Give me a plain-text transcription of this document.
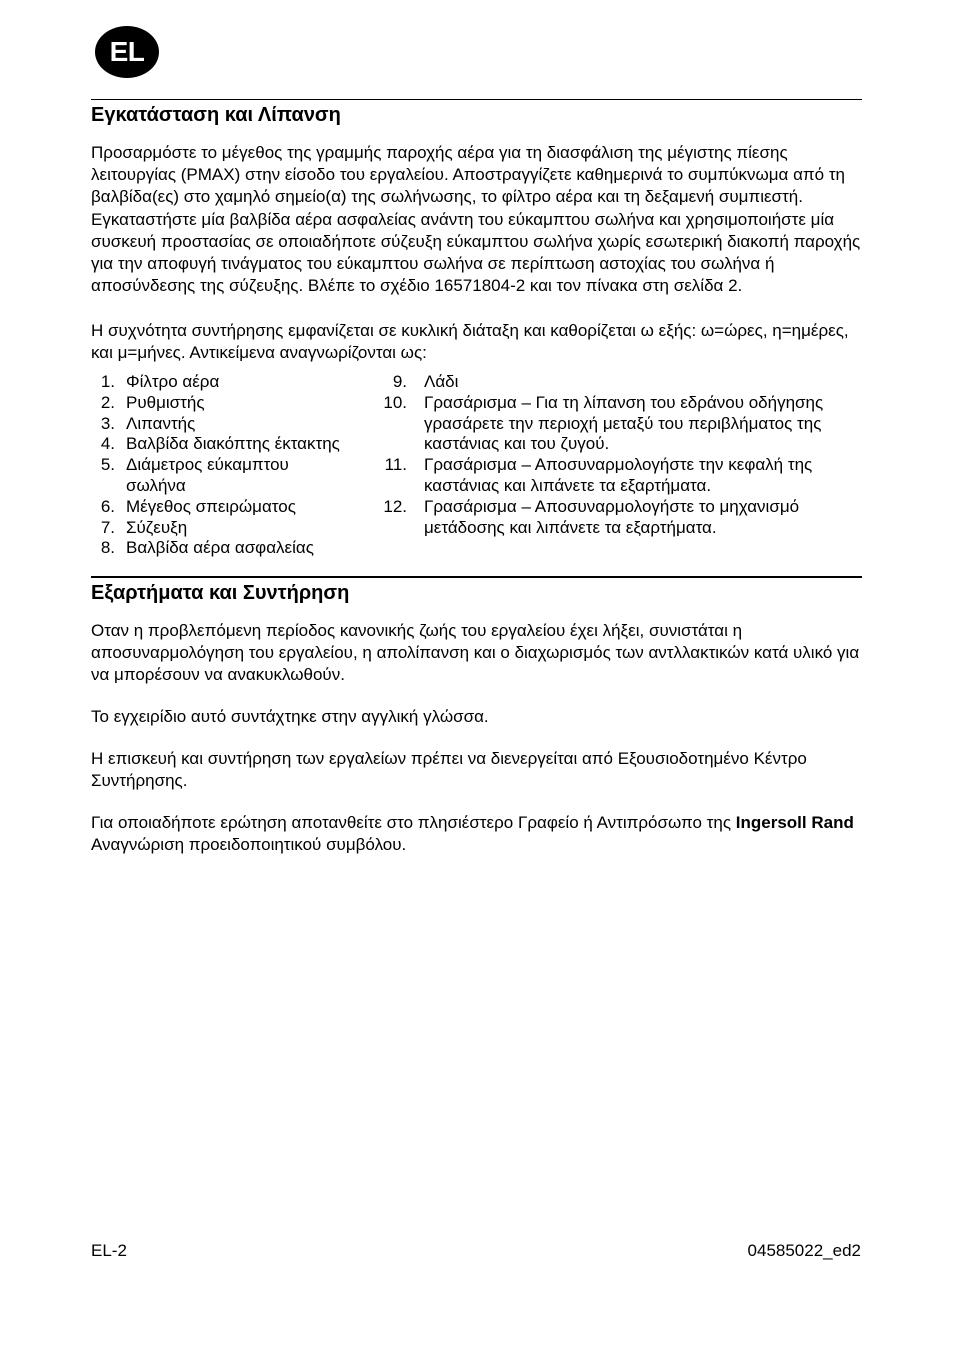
EL
Εγκατάσταση και Λίπανση

Προσαρμόστε το μέγεθος της γραμμής παροχής αέρα για τη διασφάλιση της μέγιστης πίεσης λειτουργίας (PMAX) στην είσοδο του εργαλείου. Αποστραγγίζετε καθημερινά το συμπύκνωμα από τη βαλβίδα(ες) στο χαμηλό σημείο(α) της σωλήνωσης, το φίλτρο αέρα και τη δεξαμενή συμπιεστή. Εγκαταστήστε μία βαλβίδα αέρα ασφαλείας ανάντη του εύκαμπτου σωλήνα και χρησιμοποιήστε μία συσκευή προστασίας σε οποιαδήποτε σύζευξη εύκαμπτου σωλήνα χωρίς εσωτερική διακοπή παροχής για την αποφυγή τινάγματος του εύκαμπτου σωλήνα σε περίπτωση αστοχίας του σωλήνα ή αποσύνδεσης της σύζευξης. Βλέπε το σχέδιο 16571804-2 και τον πίνακα στη σελίδα 2.

Η συχνότητα συντήρησης εμφανίζεται σε κυκλική διάταξη και καθορίζεται ω εξής: ω=ώρες, η=ημέρες, και μ=μήνες. Αντικείμενα αναγνωρίζονται ως:

1. Φίλτρο αέρα
2. Ρυθμιστής
3. Λιπαντής
4. Βαλβίδα διακόπτης έκτακτης
5. Διάμετρος εύκαμπτου σωλήνα
6. Μέγεθος σπειρώματος
7. Σύζευξη
8. Βαλβίδα αέρα ασφαλείας
9.	Λάδι
10.	Γρασάρισμα – Για τη λίπανση του εδράνου οδήγησης γρασάρετε την περιοχή μεταξύ του περιβλήματος της καστάνιας και του ζυγού.
11.	Γρασάρισμα – Αποσυναρμολογήστε την κεφαλή της καστάνιας και λιπάνετε τα εξαρτήματα.
12.	Γρασάρισμα – Αποσυναρμολογήστε το μηχανισμό μετάδοσης και λιπάνετε τα εξαρτήματα.
Εξαρτήματα και Συντήρηση

Οταν η προβλεπόμενη περίοδος κανονικής ζωής του εργαλείου έχει λήξει, συνιστάται η αποσυναρμολόγηση του εργαλείου, η απολίπανση και ο διαχωρισμός των αντλλακτικών κατά υλικό για να μπορέσουν να ανακυκλωθούν.

Το εγχειρίδιο αυτό συντάχτηκε στην αγγλική γλώσσα.

Η επισκευή και συντήρηση των εργαλείων πρέπει να διενεργείται από Εξουσιοδοτημένο Κέντρο Συντήρησης.

Για οποιαδήποτε ερώτηση αποτανθείτε στο πλησιέστερο Γραφείο ή Αντιπρόσωπο της Ingersoll Rand Αναγνώριση προειδοποιητικού συμβόλου.

EL-2	04585022_ed2
